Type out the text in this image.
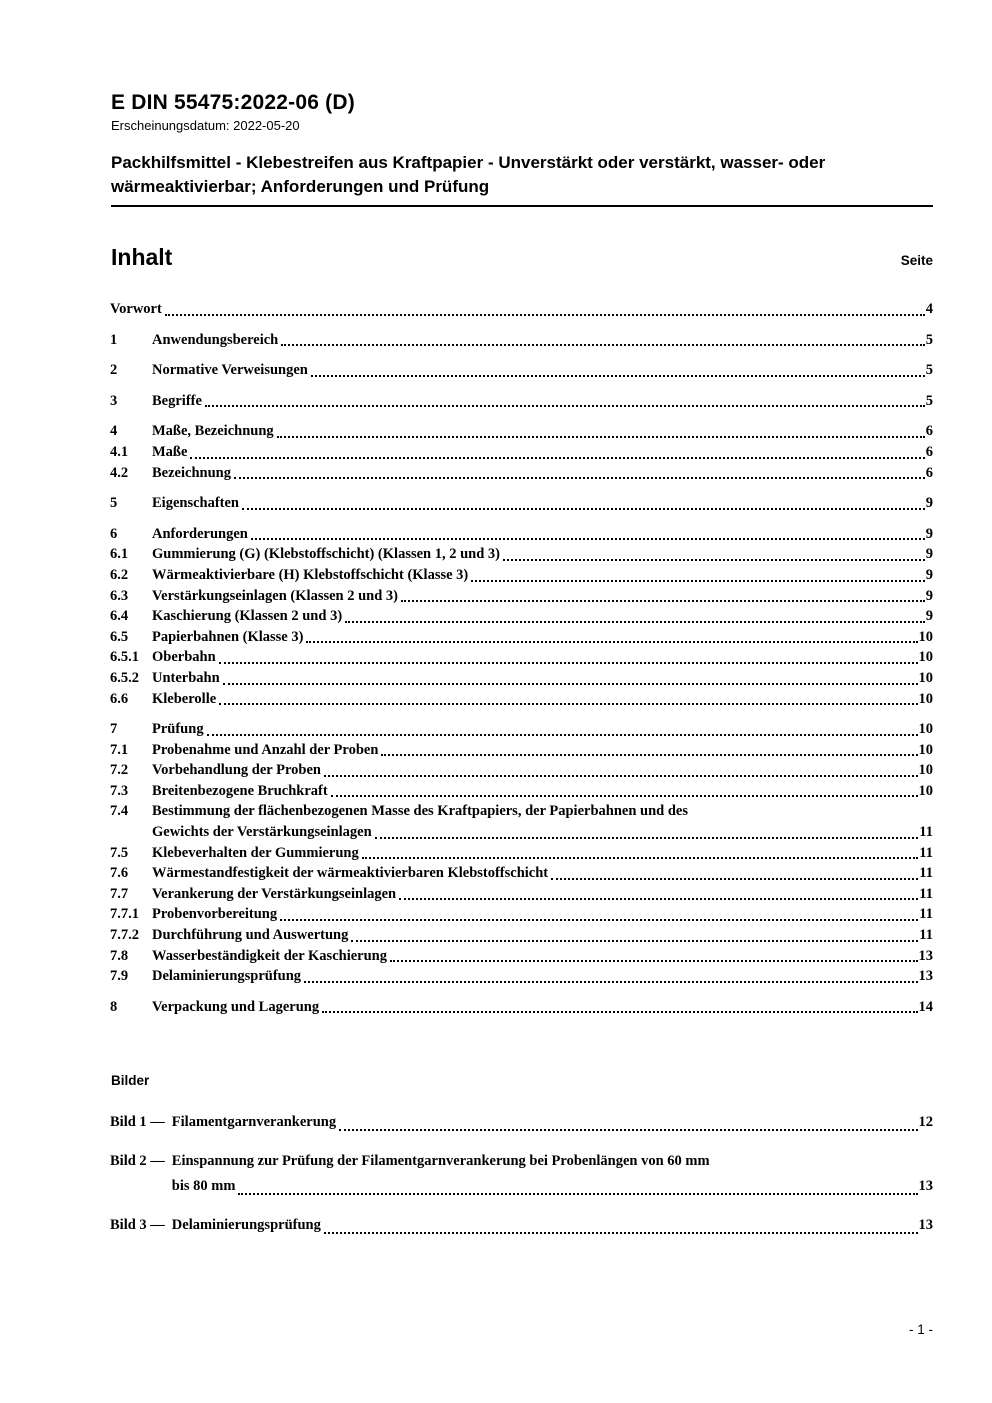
E DIN 55475:2022-06 (D)
Erscheinungsdatum: 2022-05-20
Packhilfsmittel - Klebestreifen aus Kraftpapier - Unverstärkt oder verstärkt, wasser- oder wärmeaktivierbar; Anforderungen und Prüfung
Inhalt	Seite
Vorwort	4
1	Anwendungsbereich	5
2	Normative Verweisungen	5
3	Begriffe	5
4	Maße, Bezeichnung	6
4.1	Maße	6
4.2	Bezeichnung	6
5	Eigenschaften	9
6	Anforderungen	9
6.1	Gummierung (G) (Klebstoffschicht) (Klassen 1, 2 und 3)	9
6.2	Wärmeaktivierbare (H) Klebstoffschicht (Klasse 3)	9
6.3	Verstärkungseinlagen (Klassen 2 und 3)	9
6.4	Kaschierung (Klassen 2 und 3)	9
6.5	Papierbahnen (Klasse 3)	10
6.5.1 Oberbahn	10
6.5.2 Unterbahn	10
6.6	Kleberolle	10
7	Prüfung	10
7.1	Probenahme und Anzahl der Proben	10
7.2	Vorbehandlung der Proben	10
7.3	Breitenbezogene Bruchkraft	10
7.4	Bestimmung der flächenbezogenen Masse des Kraftpapiers, der Papierbahnen und des
Gewichts der Verstärkungseinlagen	11
7.5	Klebeverhalten der Gummierung	11
7.6	Wärmestandfestigkeit der wärmeaktivierbaren Klebstoffschicht	11
7.7	Verankerung der Verstärkungseinlagen	11
7.7.1 Probenvorbereitung	11
7.7.2 Durchführung und Auswertung	11
7.8	Wasserbeständigkeit der Kaschierung	13
7.9	Delaminierungsprüfung	13
8	Verpackung und Lagerung	14
Bilder
Bild 1 — Filamentgarnverankerung	12
Bild 2 — Einspannung zur Prüfung der Filamentgarnverankerung bei Probenlängen von 60 mm
bis 80 mm	13
Bild 3 — Delaminierungsprüfung	13
- 1 -
